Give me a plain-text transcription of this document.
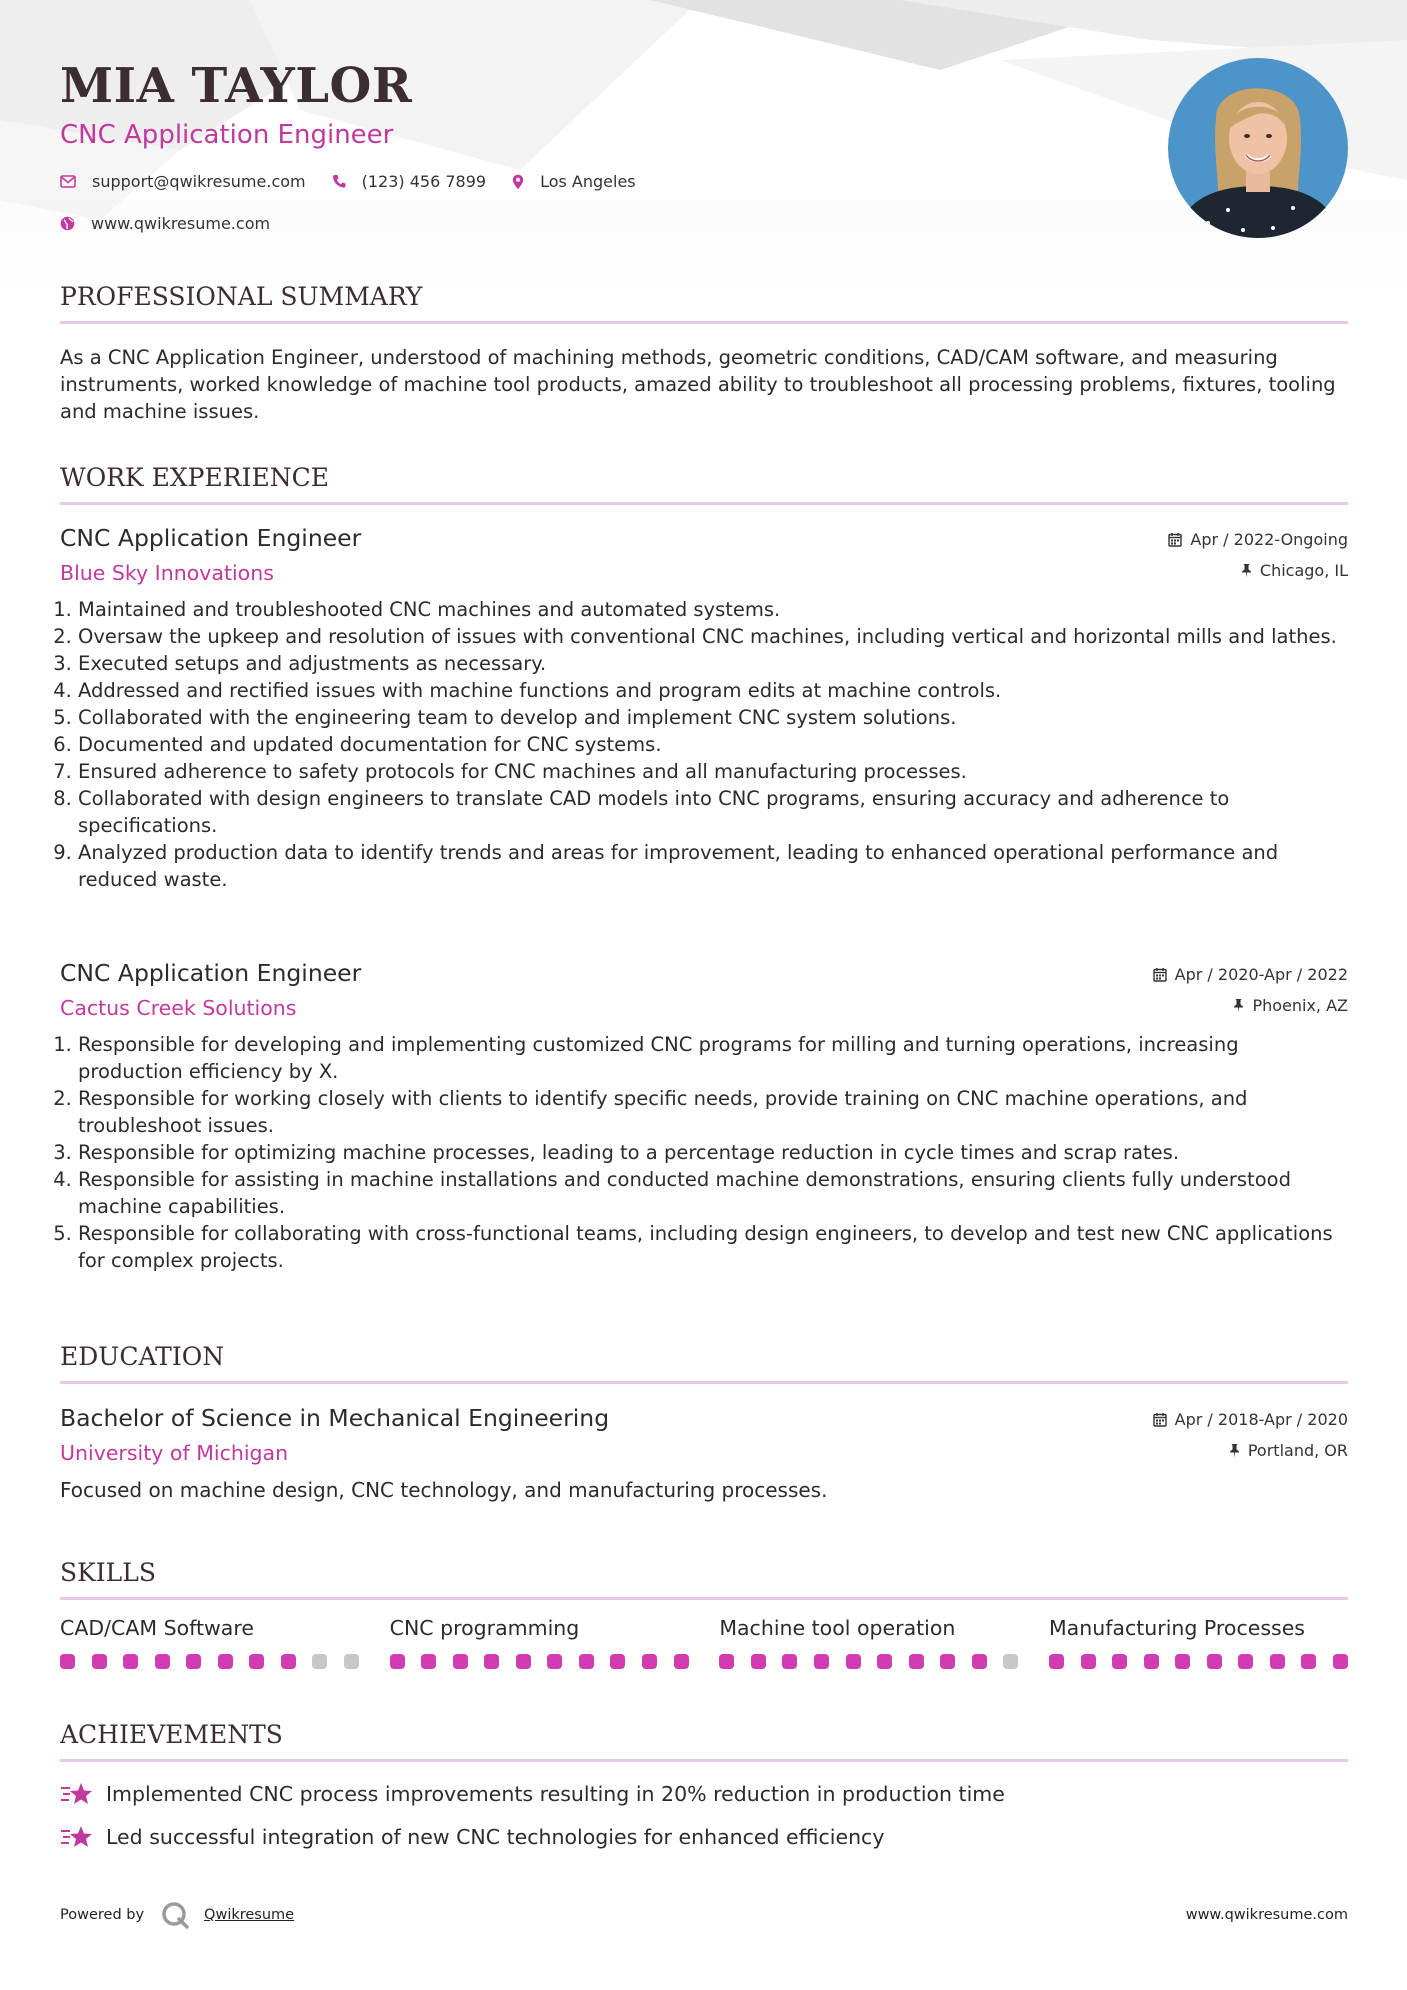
MIA TAYLOR
CNC Application Engineer
support@qwikresume.com	(123) 456 7899	Los Angeles
www.qwikresume.com
PROFESSIONAL SUMMARY
As a CNC Application Engineer, understood of machining methods, geometric conditions, CAD/CAM software, and measuring instruments, worked knowledge of machine tool products, amazed ability to troubleshoot all processing problems, fixtures, tooling and machine issues.
WORK EXPERIENCE
CNC Application Engineer
Blue Sky Innovations
Apr / 2022-Ongoing
Chicago, IL
1. Maintained and troubleshooted CNC machines and automated systems.
2. Oversaw the upkeep and resolution of issues with conventional CNC machines, including vertical and horizontal mills and lathes.
3. Executed setups and adjustments as necessary.
4. Addressed and rectified issues with machine functions and program edits at machine controls.
5. Collaborated with the engineering team to develop and implement CNC system solutions.
6. Documented and updated documentation for CNC systems.
7. Ensured adherence to safety protocols for CNC machines and all manufacturing processes.
8. Collaborated with design engineers to translate CAD models into CNC programs, ensuring accuracy and adherence to specifications.
9. Analyzed production data to identify trends and areas for improvement, leading to enhanced operational performance and reduced waste.
CNC Application Engineer
Cactus Creek Solutions
Apr / 2020-Apr / 2022
Phoenix, AZ
1. Responsible for developing and implementing customized CNC programs for milling and turning operations, increasing production efficiency by X.
2. Responsible for working closely with clients to identify specific needs, provide training on CNC machine operations, and troubleshoot issues.
3. Responsible for optimizing machine processes, leading to a percentage reduction in cycle times and scrap rates.
4. Responsible for assisting in machine installations and conducted machine demonstrations, ensuring clients fully understood machine capabilities.
5. Responsible for collaborating with cross-functional teams, including design engineers, to develop and test new CNC applications for complex projects.
EDUCATION
Bachelor of Science in Mechanical Engineering
University of Michigan
Apr / 2018-Apr / 2020
Portland, OR
Focused on machine design, CNC technology, and manufacturing processes.
SKILLS
CAD/CAM Software	CNC programming	Machine tool operation	Manufacturing Processes
ACHIEVEMENTS
Implemented CNC process improvements resulting in 20% reduction in production time
Led successful integration of new CNC technologies for enhanced efficiency
Powered by	Qwikresume	www.qwikresume.com
